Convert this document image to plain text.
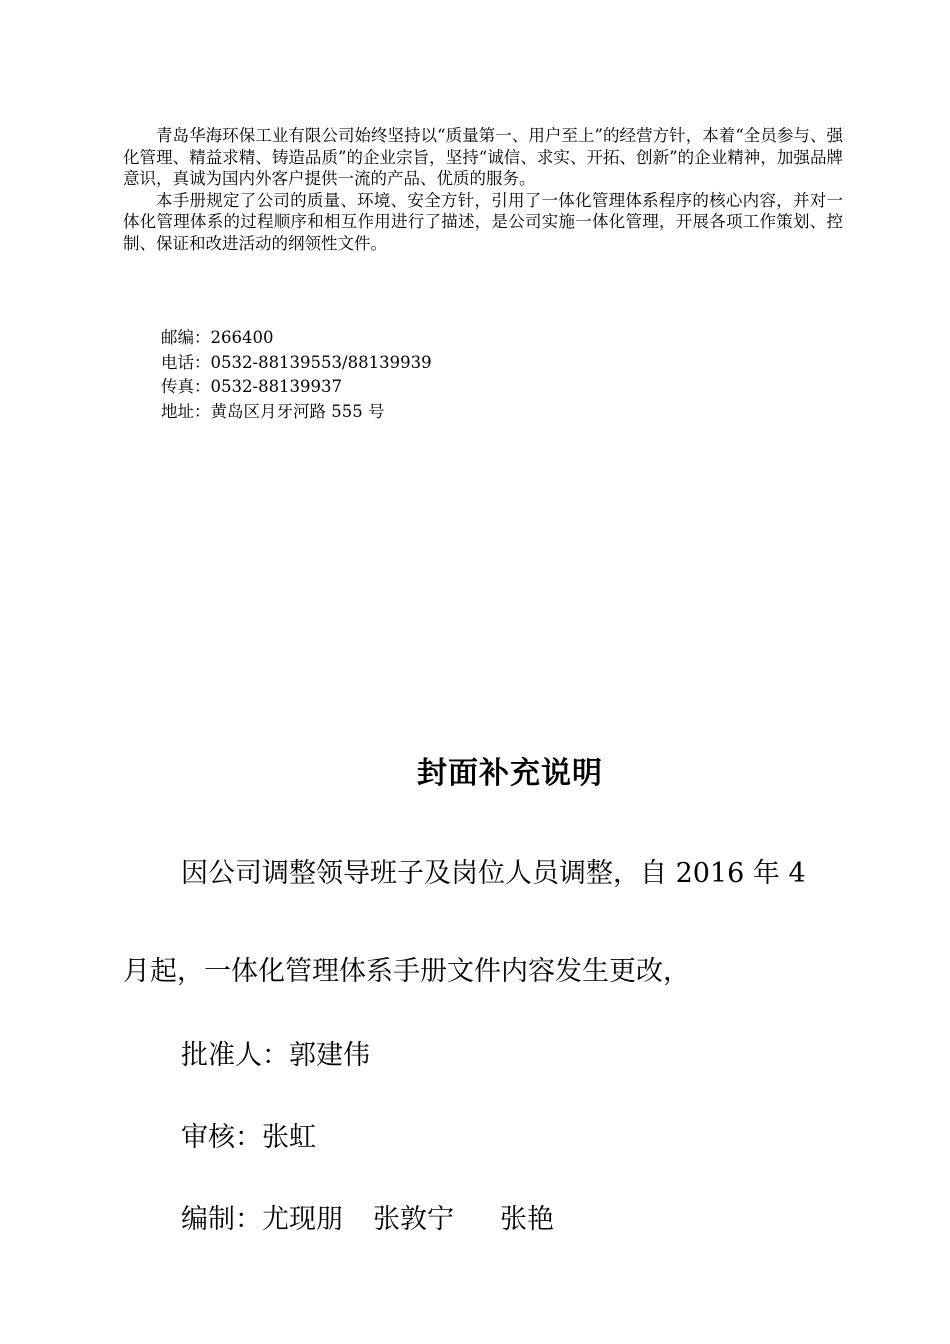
青岛华海环保工业有限公司始终坚持以“质量第一、用户至上”的经营方针，本着“全员参与、强化管理、精益求精、铸造品质”的企业宗旨，坚持“诚信、求实、开拓、创新”的企业精神，加强品牌意识，真诚为国内外客户提供一流的产品、优质的服务。

本手册规定了公司的质量、环境、安全方针，引用了一体化管理体系程序的核心内容，并对一体化管理体系的过程顺序和相互作用进行了描述，是公司实施一体化管理，开展各项工作策划、控制、保证和改进活动的纲领性文件。

邮编：266400
电话：0532-88139553/88139939
传真：0532-88139937
地址：黄岛区月牙河路 555 号
封面补充说明
因公司调整领导班子及岗位人员调整，自 2016 年 4
月起，一体化管理体系手册文件内容发生更改，
批准人：郭建伟
审核：张虹
编制：尤现朋 张敦宁 张艳
